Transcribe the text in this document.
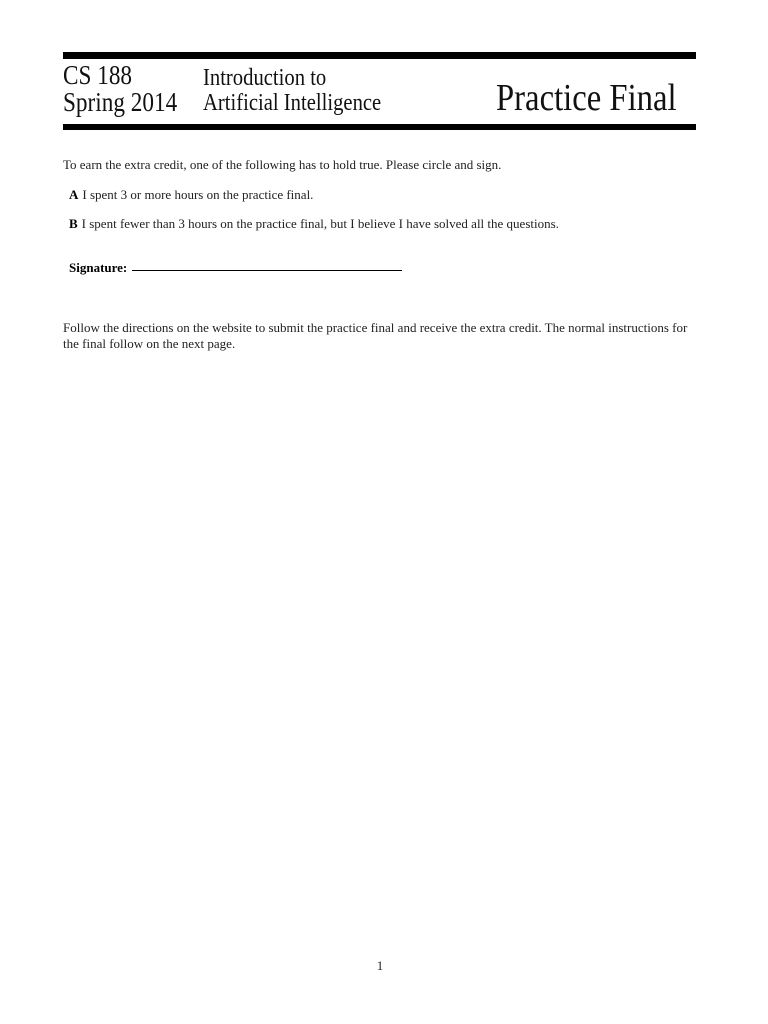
CS 188
Spring 2014
Introduction to
Artificial Intelligence	Practice Final
To earn the extra credit, one of the following has to hold true. Please circle and sign.
A I spent 3 or more hours on the practice final.
B I spent fewer than 3 hours on the practice final, but I believe I have solved all the questions.
Signature:
Follow the directions on the website to submit the practice final and receive the extra credit. The normal instructions for the final follow on the next page.
1
